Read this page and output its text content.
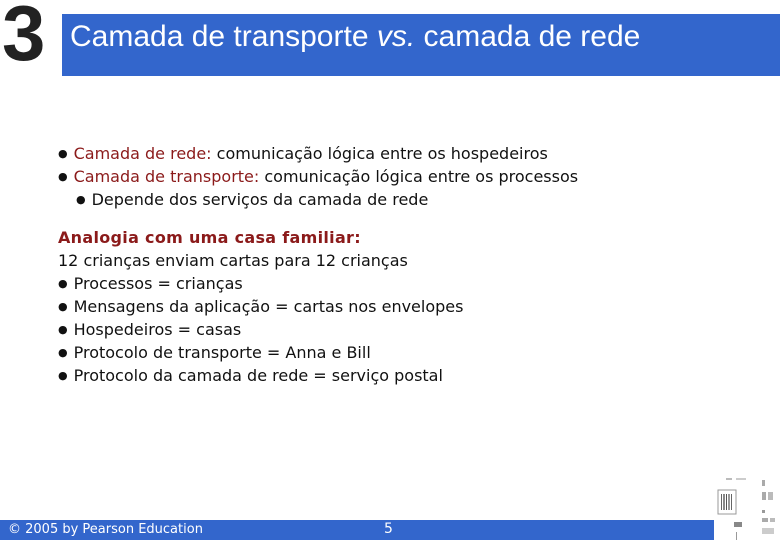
3 Camada de transporte vs. camada de rede
● Camada de rede: comunicação lógica entre os hospedeiros
● Camada de transporte: comunicação lógica entre os processos
● Depende dos serviços da camada de rede
Analogia com uma casa familiar:
12 crianças enviam cartas para 12 crianças
● Processos = crianças
● Mensagens da aplicação = cartas nos envelopes
● Hospedeiros = casas
● Protocolo de transporte = Anna e Bill
● Protocolo da camada de rede = serviço postal
© 2005 by Pearson Education	5
